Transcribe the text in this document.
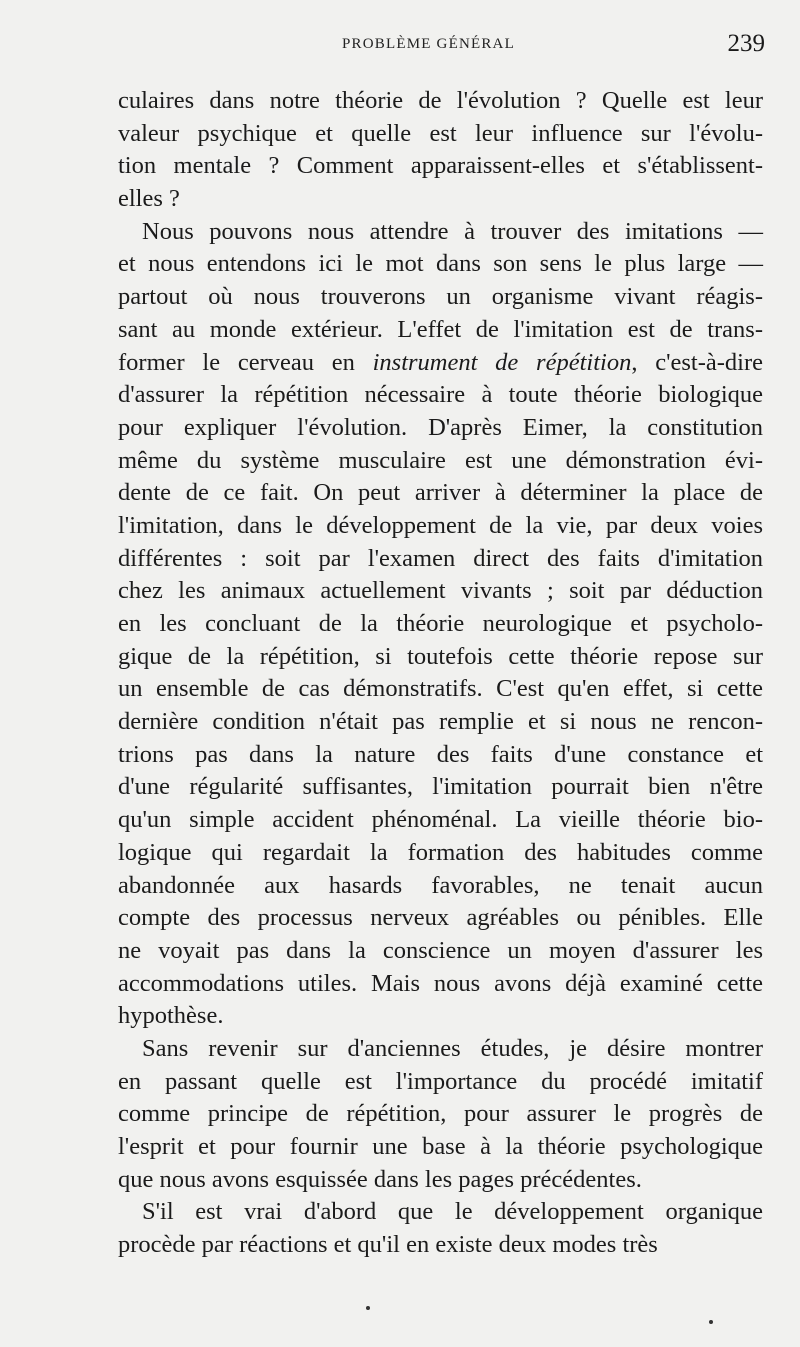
PROBLÈME GÉNÉRAL	239

culaires dans notre théorie de l'évolution ? Quelle est leur
valeur psychique et quelle est leur influence sur l'évolu-
tion mentale ? Comment apparaissent-elles et s'établissent-
elles ?

Nous pouvons nous attendre à trouver des imitations —
et nous entendons ici le mot dans son sens le plus large —
partout où nous trouverons un organisme vivant réagis-
sant au monde extérieur. L'effet de l'imitation est de trans-
former le cerveau en instrument de répétition, c'est-à-dire
d'assurer la répétition nécessaire à toute théorie biologique
pour expliquer l'évolution. D'après Eimer, la constitution
même du système musculaire est une démonstration évi-
dente de ce fait. On peut arriver à déterminer la place de
l'imitation, dans le développement de la vie, par deux voies
différentes : soit par l'examen direct des faits d'imitation
chez les animaux actuellement vivants ; soit par déduction
en les concluant de la théorie neurologique et psycholo-
gique de la répétition, si toutefois cette théorie repose sur
un ensemble de cas démonstratifs. C'est qu'en effet, si cette
dernière condition n'était pas remplie et si nous ne rencon-
trions pas dans la nature des faits d'une constance et
d'une régularité suffisantes, l'imitation pourrait bien n'être
qu'un simple accident phénoménal. La vieille théorie bio-
logique qui regardait la formation des habitudes comme
abandonnée aux hasards favorables, ne tenait aucun
compte des processus nerveux agréables ou pénibles. Elle
ne voyait pas dans la conscience un moyen d'assurer les
accommodations utiles. Mais nous avons déjà examiné cette
hypothèse.

Sans revenir sur d'anciennes études, je désire montrer
en passant quelle est l'importance du procédé imitatif
comme principe de répétition, pour assurer le progrès de
l'esprit et pour fournir une base à la théorie psychologique
que nous avons esquissée dans les pages précédentes.

S'il est vrai d'abord que le développement organique
procède par réactions et qu'il en existe deux modes très
